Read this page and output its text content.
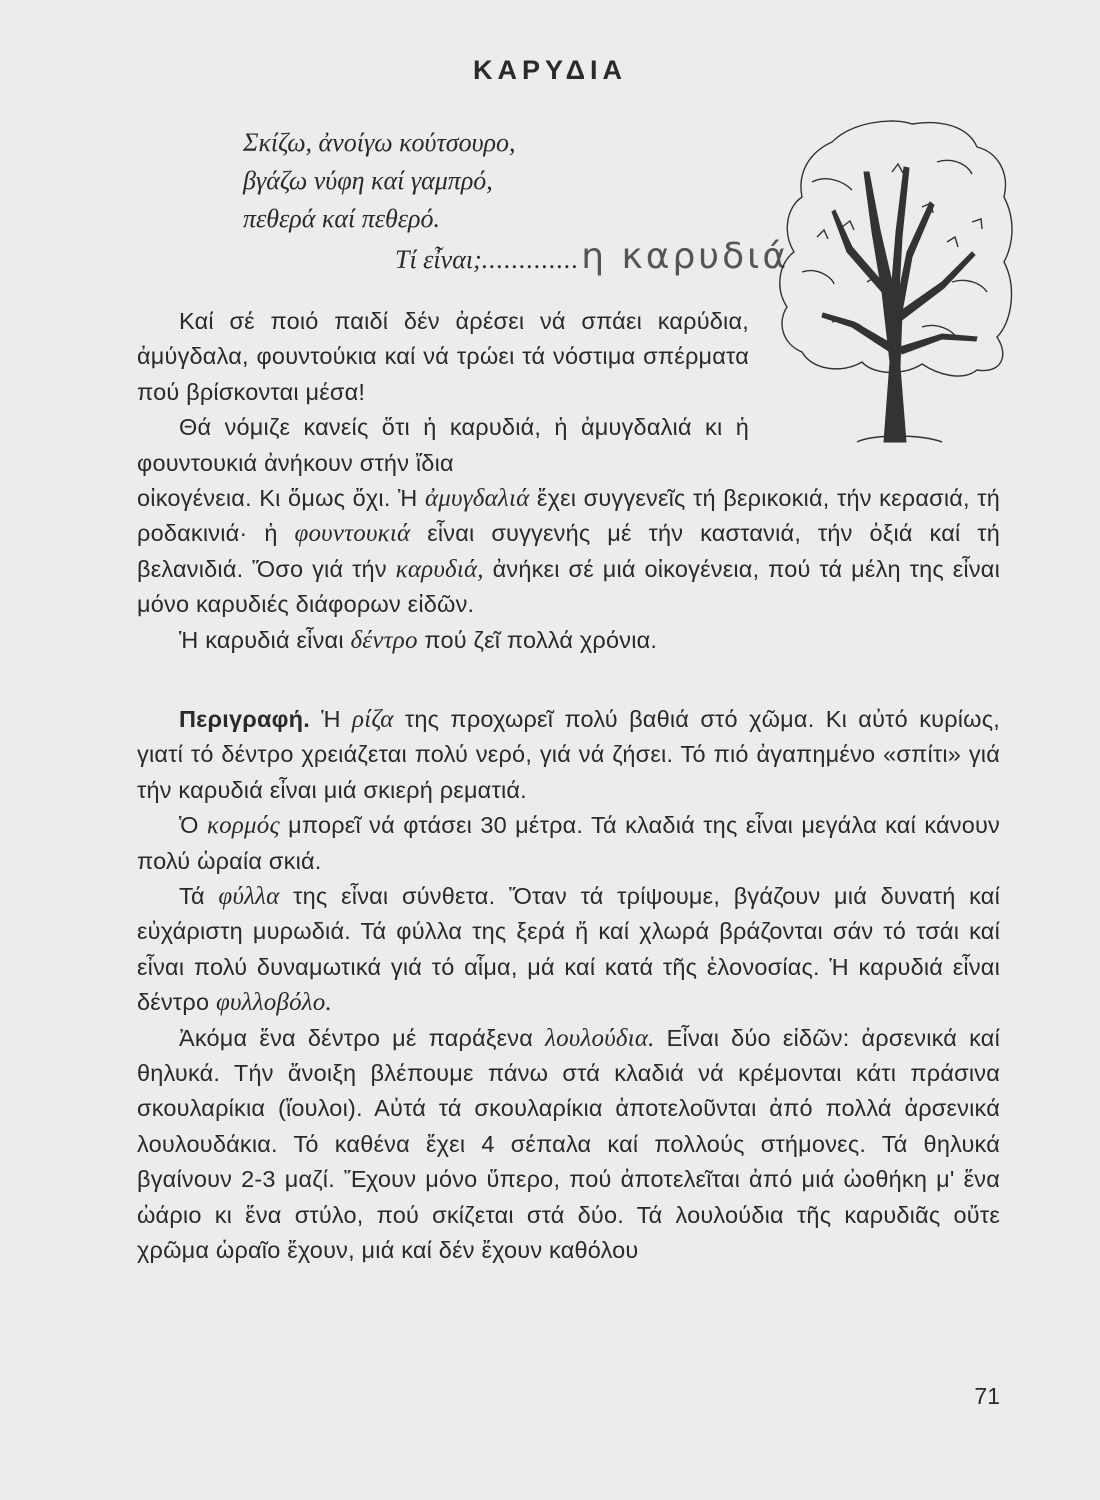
ΚΑΡΥΔΙΑ
Σκίζω, ἀνοίγω κούτσουρο,
βγάζω νύφη καί γαμπρό,
πεθερά καί πεθερό.
Τί εἶναι;.............η καρυδιά

Καί σέ ποιό παιδί δέν ἀρέσει νά σπάει καρύδια, ἀμύγδαλα, φουντούκια καί νά τρώει τά νόστιμα σπέρματα πού βρίσκονται μέσα!

Θά νόμιζε κανείς ὅτι ἡ καρυδιά, ἡ ἀμυγδαλιά κι ἡ φουντουκιά ἀνήκουν στήν ἴδια

οἰκογένεια. Κι ὅμως ὄχι. Ἡ ἀμυγδαλιά ἔχει συγγενεῖς τή βερικοκιά, τήν κερασιά, τή ροδακινιά· ἡ φουντουκιά εἶναι συγγενής μέ τήν καστανιά, τήν ὀξιά καί τή βελανιδιά. Ὅσο γιά τήν καρυδιά, ἀνήκει σέ μιά οἰκογένεια, πού τά μέλη της εἶναι μόνο καρυδιές διάφορων εἰδῶν.

Ἡ καρυδιά εἶναι δέντρο πού ζεῖ πολλά χρόνια.

Περιγραφή. Ἡ ρίζα της προχωρεῖ πολύ βαθιά στό χῶμα. Κι αὐτό κυρίως, γιατί τό δέντρο χρειάζεται πολύ νερό, γιά νά ζήσει. Τό πιό ἀγαπημένο «σπίτι» γιά τήν καρυδιά εἶναι μιά σκιερή ρεματιά.

Ὁ κορμός μπορεῖ νά φτάσει 30 μέτρα. Τά κλαδιά της εἶναι μεγάλα καί κάνουν πολύ ὡραία σκιά.

Τά φύλλα της εἶναι σύνθετα. Ὅταν τά τρίψουμε, βγάζουν μιά δυνατή καί εὐχάριστη μυρωδιά. Τά φύλλα της ξερά ἤ καί χλωρά βράζονται σάν τό τσάι καί εἶναι πολύ δυναμωτικά γιά τό αἷμα, μά καί κατά τῆς ἑλονοσίας. Ἡ καρυδιά εἶναι δέντρο φυλλοβόλο.

Ἀκόμα ἕνα δέντρο μέ παράξενα λουλούδια. Εἶναι δύο εἰδῶν: ἀρσενικά καί θηλυκά. Τήν ἄνοιξη βλέπουμε πάνω στά κλαδιά νά κρέμονται κάτι πράσινα σκουλαρίκια (ἴουλοι). Αὐτά τά σκουλαρίκια ἀποτελοῦνται ἀπό πολλά ἀρσενικά λουλουδάκια. Τό καθένα ἔχει 4 σέπαλα καί πολλούς στήμονες. Τά θηλυκά βγαίνουν 2-3 μαζί. Ἔχουν μόνο ὕπερο, πού ἀποτελεῖται ἀπό μιά ὠοθήκη μ' ἕνα ὠάριο κι ἕνα στύλο, πού σκίζεται στά δύο. Τά λουλούδια τῆς καρυδιᾶς οὔτε χρῶμα ὡραῖο ἔχουν, μιά καί δέν ἔχουν καθόλου

71
